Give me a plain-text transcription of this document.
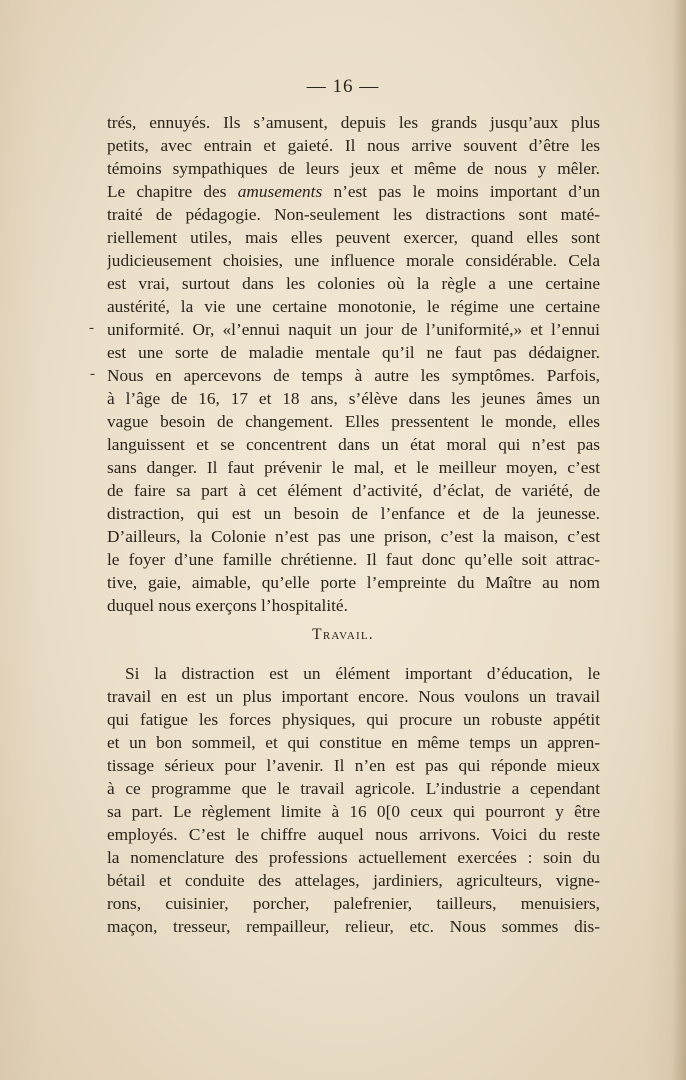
— 16 —
trés, ennuyés. Ils s’amusent, depuis les grands jusqu’aux plus
petits, avec entrain et gaieté. Il nous arrive souvent d’être les
témoins sympathiques de leurs jeux et même de nous y mêler.
Le chapitre des amusements n’est pas le moins important d’un
traité de pédagogie. Non-seulement les distractions sont maté-
riellement utiles, mais elles peuvent exercer, quand elles sont
judicieusement choisies, une influence morale considérable. Cela
est vrai, surtout dans les colonies où la règle a une certaine
austérité, la vie une certaine monotonie, le régime une certaine
uniformité. Or, «l’ennui naquit un jour de l’uniformité,» et l’ennui
est une sorte de maladie mentale qu’il ne faut pas dédaigner.
Nous en apercevons de temps à autre les symptômes. Parfois,
à l’âge de 16, 17 et 18 ans, s’élève dans les jeunes âmes un
vague besoin de changement. Elles pressentent le monde, elles
languissent et se concentrent dans un état moral qui n’est pas
sans danger. Il faut prévenir le mal, et le meilleur moyen, c’est
de faire sa part à cet élément d’activité, d’éclat, de variété, de
distraction, qui est un besoin de l’enfance et de la jeunesse.
D’ailleurs, la Colonie n’est pas une prison, c’est la maison, c’est
le foyer d’une famille chrétienne. Il faut donc qu’elle soit attrac-
tive, gaie, aimable, qu’elle porte l’empreinte du Maître au nom
duquel nous exerçons l’hospitalité.
Travail.
Si la distraction est un élément important d’éducation, le
travail en est un plus important encore. Nous voulons un travail
qui fatigue les forces physiques, qui procure un robuste appétit
et un bon sommeil, et qui constitue en même temps un appren-
tissage sérieux pour l’avenir. Il n’en est pas qui réponde mieux
à ce programme que le travail agricole. L’industrie a cependant
sa part. Le règlement limite à 16 0[0 ceux qui pourront y être
employés. C’est le chiffre auquel nous arrivons. Voici du reste
la nomenclature des professions actuellement exercées : soin du
bétail et conduite des attelages, jardiniers, agriculteurs, vigne-
rons, cuisinier, porcher, palefrenier, tailleurs, menuisiers,
maçon, tresseur, rempailleur, relieur, etc. Nous sommes dis-
-
-
